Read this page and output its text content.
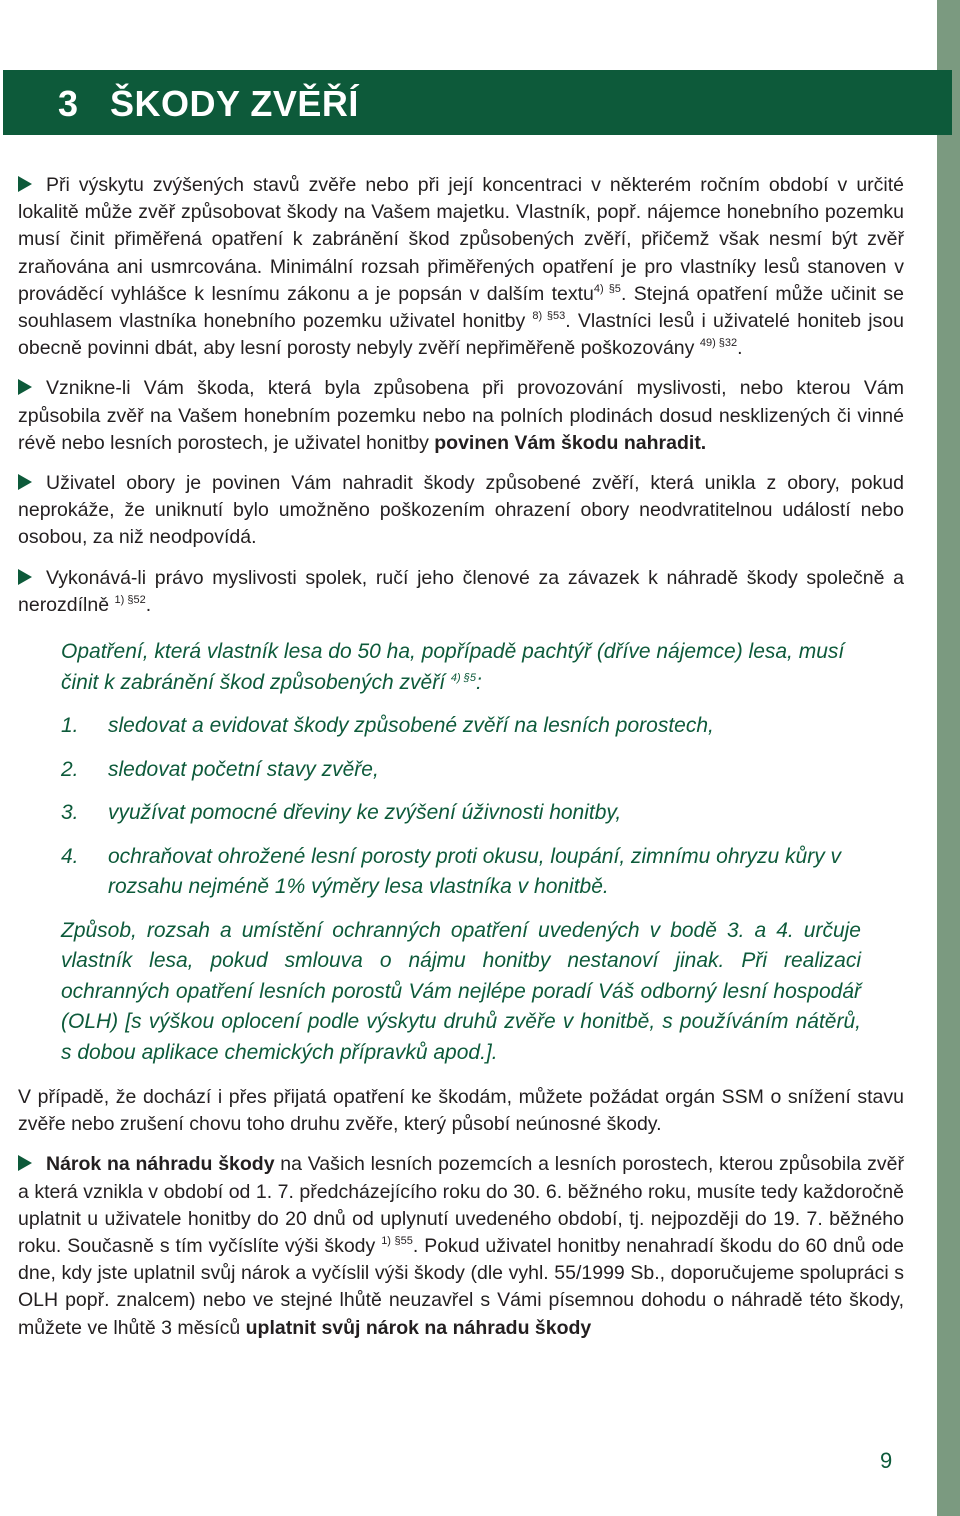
3 ŠKODY ZVĚŘÍ

Při výskytu zvýšených stavů zvěře nebo při její koncentraci v některém ročním období v určité lokalitě může zvěř způsobovat škody na Vašem majetku. Vlastník, popř. nájemce honebního pozemku musí činit přiměřená opatření k zabránění škod způsobených zvěří, přičemž však nesmí být zvěř zraňována ani usmrcována. Minimální rozsah přiměřených opatření je pro vlastníky lesů stanoven v prováděcí vyhlášce k lesnímu zákonu a je popsán v dalším textu$^{4) \S 5}$. Stejná opatření může učinit se souhlasem vlastníka honebního pozemku uživatel honitby $^{8) \S 53}$. Vlastníci lesů i uživatelé honiteb jsou obecně povinni dbát, aby lesní porosty nebyly zvěří nepřiměřeně poškozovány $^{49) \S 32}$.

Vznikne-li Vám škoda, která byla způsobena při provozování myslivosti, nebo kterou Vám způsobila zvěř na Vašem honebním pozemku nebo na polních plodinách dosud nesklizených či vinné révě nebo lesních porostech, je uživatel honitby povinen Vám škodu nahradit.

Uživatel obory je povinen Vám nahradit škody způsobené zvěří, která unikla z obory, pokud neprokáže, že uniknutí bylo umožněno poškozením ohrazení obory neodvratitelnou událostí nebo osobou, za niž neodpovídá.

Vykonává-li právo myslivosti spolek, ručí jeho členové za závazek k náhradě škody společně a nerozdílně $^{1) \S 52}$.

Opatření, která vlastník lesa do 50 ha, popřípadě pachtýř (dříve nájemce) lesa, musí činit k zabránění škod způsobených zvěří $^{4) \S 5}$:

1.	sledovat a evidovat škody způsobené zvěří na lesních porostech,
2.	sledovat početní stavy zvěře,
3.	využívat pomocné dřeviny ke zvýšení úživnosti honitby,
4.	ochraňovat ohrožené lesní porosty proti okusu, loupání, zimnímu ohryzu kůry v rozsahu nejméně 1% výměry lesa vlastníka v honitbě.

Způsob, rozsah a umístění ochranných opatření uvedených v bodě 3. a 4. určuje vlastník lesa, pokud smlouva o nájmu honitby nestanoví jinak. Při realizaci ochranných opatření lesních porostů Vám nejlépe poradí Váš odborný lesní hospodář (OLH) [s výškou oplocení podle výskytu druhů zvěře v honitbě, s používáním nátěrů, s dobou aplikace chemických přípravků apod.].

V případě, že dochází i přes přijatá opatření ke škodám, můžete požádat orgán SSM o snížení stavu zvěře nebo zrušení chovu toho druhu zvěře, který působí neúnosné škody.

Nárok na náhradu škody na Vašich lesních pozemcích a lesních porostech, kterou způsobila zvěř a která vznikla v období od 1. 7. předcházejícího roku do 30. 6. běžného roku, musíte tedy každoročně uplatnit u uživatele honitby do 20 dnů od uplynutí uvedeného období, tj. nejpozději do 19. 7. běžného roku. Současně s tím vyčíslíte výši škody $^{1) \S 55}$. Pokud uživatel honitby nenahradí škodu do 60 dnů ode dne, kdy jste uplatnil svůj nárok a vyčíslil výši škody (dle vyhl. 55/1999 Sb., doporučujeme spolupráci s OLH popř. znalcem) nebo ve stejné lhůtě neuzavřel s Vámi písemnou dohodu o náhradě této škody, můžete ve lhůtě 3 měsíců uplatnit svůj nárok na náhradu škody

9
